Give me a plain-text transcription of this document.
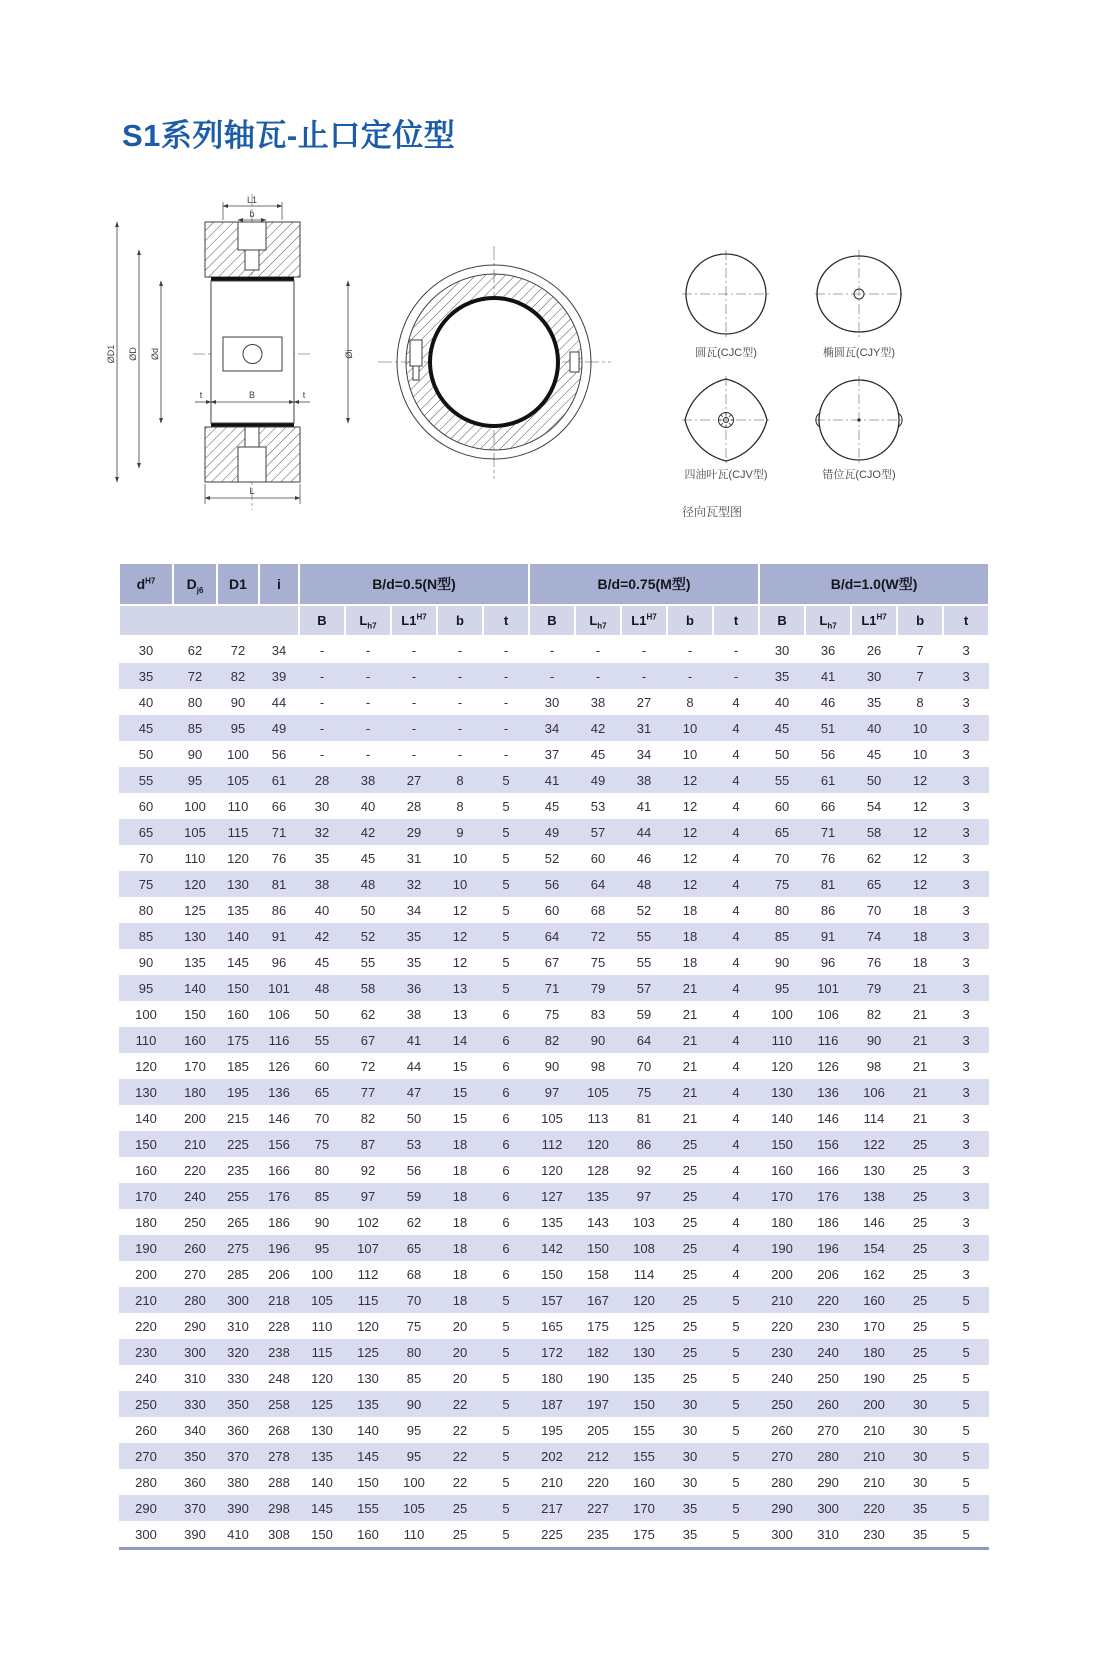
S1系列轴瓦-止口定位型
L1
b
ØD1 ØD Ød	Øi
t	B	t
L
圆瓦(CJC型)	椭圆瓦(CJY型)
四油叶瓦(CJV型)	错位瓦(CJO型)
径向瓦型图
$d^{H7}$	$D_{j6}$	D1	i	B/d=0.5(N型)					B/d=0.75(M型)					B/d=1.0(W型)				
				B	$L_{h7}$	$L1^{H7}$	b	t	B	$L_{h7}$	$L1^{H7}$	b	t	B	$L_{h7}$	$L1^{H7}$	b	t
30	62	72	34	-	-	-	-	-	-	-	-	-	-	30	36	26	7	3
35	72	82	39	-	-	-	-	-	-	-	-	-	-	35	41	30	7	3
40	80	90	44	-	-	-	-	-	30	38	27	8	4	40	46	35	8	3
45	85	95	49	-	-	-	-	-	34	42	31	10	4	45	51	40	10	3
50	90	100	56	-	-	-	-	-	37	45	34	10	4	50	56	45	10	3
55	95	105	61	28	38	27	8	5	41	49	38	12	4	55	61	50	12	3
60	100	110	66	30	40	28	8	5	45	53	41	12	4	60	66	54	12	3
65	105	115	71	32	42	29	9	5	49	57	44	12	4	65	71	58	12	3
70	110	120	76	35	45	31	10	5	52	60	46	12	4	70	76	62	12	3
75	120	130	81	38	48	32	10	5	56	64	48	12	4	75	81	65	12	3
80	125	135	86	40	50	34	12	5	60	68	52	18	4	80	86	70	18	3
85	130	140	91	42	52	35	12	5	64	72	55	18	4	85	91	74	18	3
90	135	145	96	45	55	35	12	5	67	75	55	18	4	90	96	76	18	3
95	140	150	101	48	58	36	13	5	71	79	57	21	4	95	101	79	21	3
100	150	160	106	50	62	38	13	6	75	83	59	21	4	100	106	82	21	3
110	160	175	116	55	67	41	14	6	82	90	64	21	4	110	116	90	21	3
120	170	185	126	60	72	44	15	6	90	98	70	21	4	120	126	98	21	3
130	180	195	136	65	77	47	15	6	97	105	75	21	4	130	136	106	21	3
140	200	215	146	70	82	50	15	6	105	113	81	21	4	140	146	114	21	3
150	210	225	156	75	87	53	18	6	112	120	86	25	4	150	156	122	25	3
160	220	235	166	80	92	56	18	6	120	128	92	25	4	160	166	130	25	3
170	240	255	176	85	97	59	18	6	127	135	97	25	4	170	176	138	25	3
180	250	265	186	90	102	62	18	6	135	143	103	25	4	180	186	146	25	3
190	260	275	196	95	107	65	18	6	142	150	108	25	4	190	196	154	25	3
200	270	285	206	100	112	68	18	6	150	158	114	25	4	200	206	162	25	3
210	280	300	218	105	115	70	18	5	157	167	120	25	5	210	220	160	25	5
220	290	310	228	110	120	75	20	5	165	175	125	25	5	220	230	170	25	5
230	300	320	238	115	125	80	20	5	172	182	130	25	5	230	240	180	25	5
240	310	330	248	120	130	85	20	5	180	190	135	25	5	240	250	190	25	5
250	330	350	258	125	135	90	22	5	187	197	150	30	5	250	260	200	30	5
260	340	360	268	130	140	95	22	5	195	205	155	30	5	260	270	210	30	5
270	350	370	278	135	145	95	22	5	202	212	155	30	5	270	280	210	30	5
280	360	380	288	140	150	100	22	5	210	220	160	30	5	280	290	210	30	5
290	370	390	298	145	155	105	25	5	217	227	170	35	5	290	300	220	35	5
300	390	410	308	150	160	110	25	5	225	235	175	35	5	300	310	230	35	5
